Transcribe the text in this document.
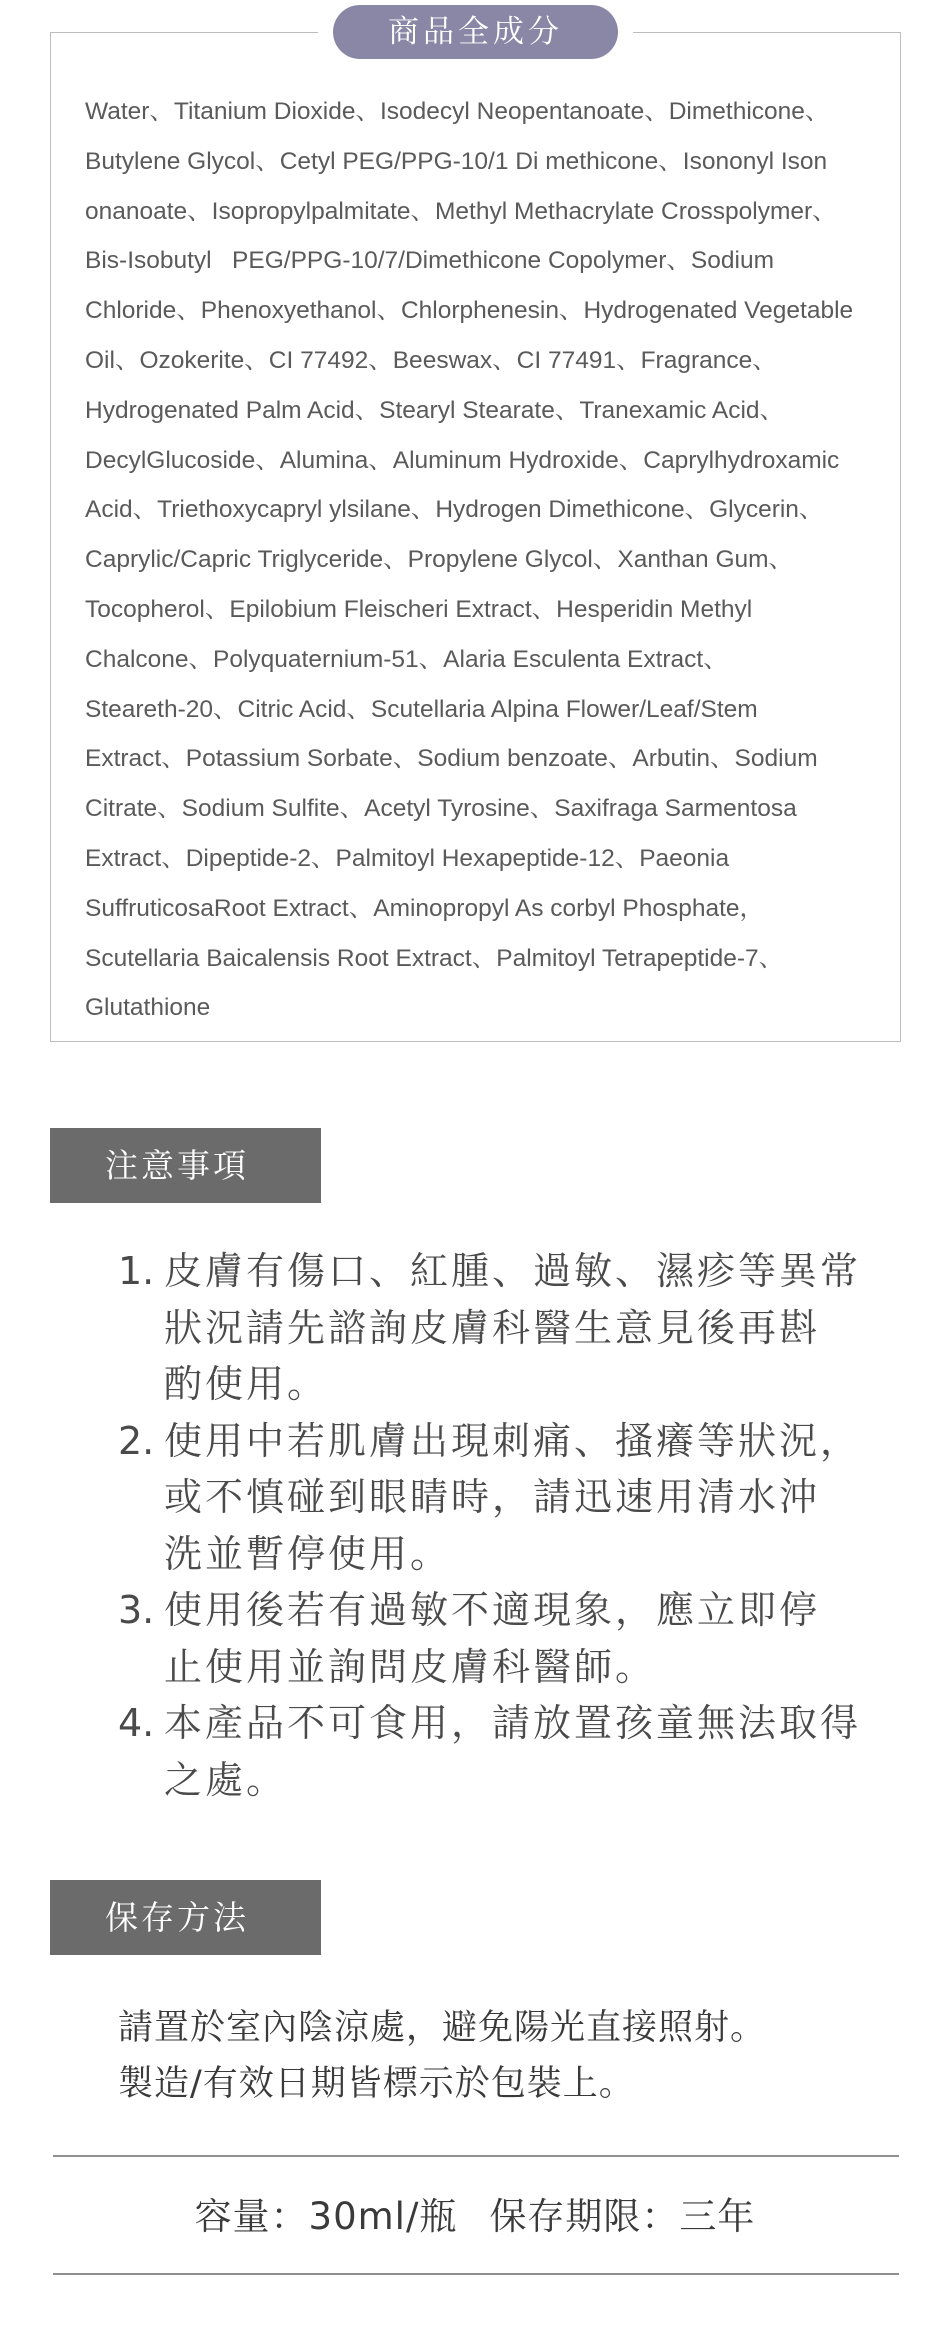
商品全成分
Water、Titanium Dioxide、Isodecyl Neopentanoate、Dimethicone、
Butylene Glycol、Cetyl PEG/PPG-10/1 Di methicone、Isononyl Ison
onanoate、Isopropylpalmitate、Methyl Methacrylate Crosspolymer、
Bis-Isobutyl   PEG/PPG-10/7/Dimethicone Copolymer、Sodium
Chloride、Phenoxyethanol、Chlorphenesin、Hydrogenated Vegetable
Oil、Ozokerite、CI 77492、Beeswax、CI 77491、Fragrance、
Hydrogenated Palm Acid、Stearyl Stearate、Tranexamic Acid、
DecylGlucoside、Alumina、Aluminum Hydroxide、Caprylhydroxamic
Acid、Triethoxycapryl ylsilane、Hydrogen Dimethicone、Glycerin、
Caprylic/Capric Triglyceride、Propylene Glycol、Xanthan Gum、
Tocopherol、Epilobium Fleischeri Extract、Hesperidin Methyl
Chalcone、Polyquaternium-51、Alaria Esculenta Extract、
Steareth-20、Citric Acid、Scutellaria Alpina Flower/Leaf/Stem
Extract、Potassium Sorbate、Sodium benzoate、Arbutin、Sodium
Citrate、Sodium Sulfite、Acetyl Tyrosine、Saxifraga Sarmentosa
Extract、Dipeptide-2、Palmitoyl Hexapeptide-12、Paeonia
SuffruticosaRoot Extract、Aminopropyl As corbyl Phosphate，
Scutellaria Baicalensis Root Extract、Palmitoyl Tetrapeptide-7、
Glutathione
注意事項
1. 皮膚有傷口、紅腫、過敏、濕疹等異常
狀況請先諮詢皮膚科醫生意見後再斟
酌使用。
2. 使用中若肌膚出現刺痛、搔癢等狀況，
或不慎碰到眼睛時，請迅速用清水沖
洗並暫停使用。
3. 使用後若有過敏不適現象，應立即停
止使用並詢問皮膚科醫師。
4. 本產品不可食用，請放置孩童無法取得
之處。
保存方法
請置於室內陰涼處，避免陽光直接照射。
製造/有效日期皆標示於包裝上。
容量：30ml/瓶 保存期限：三年
